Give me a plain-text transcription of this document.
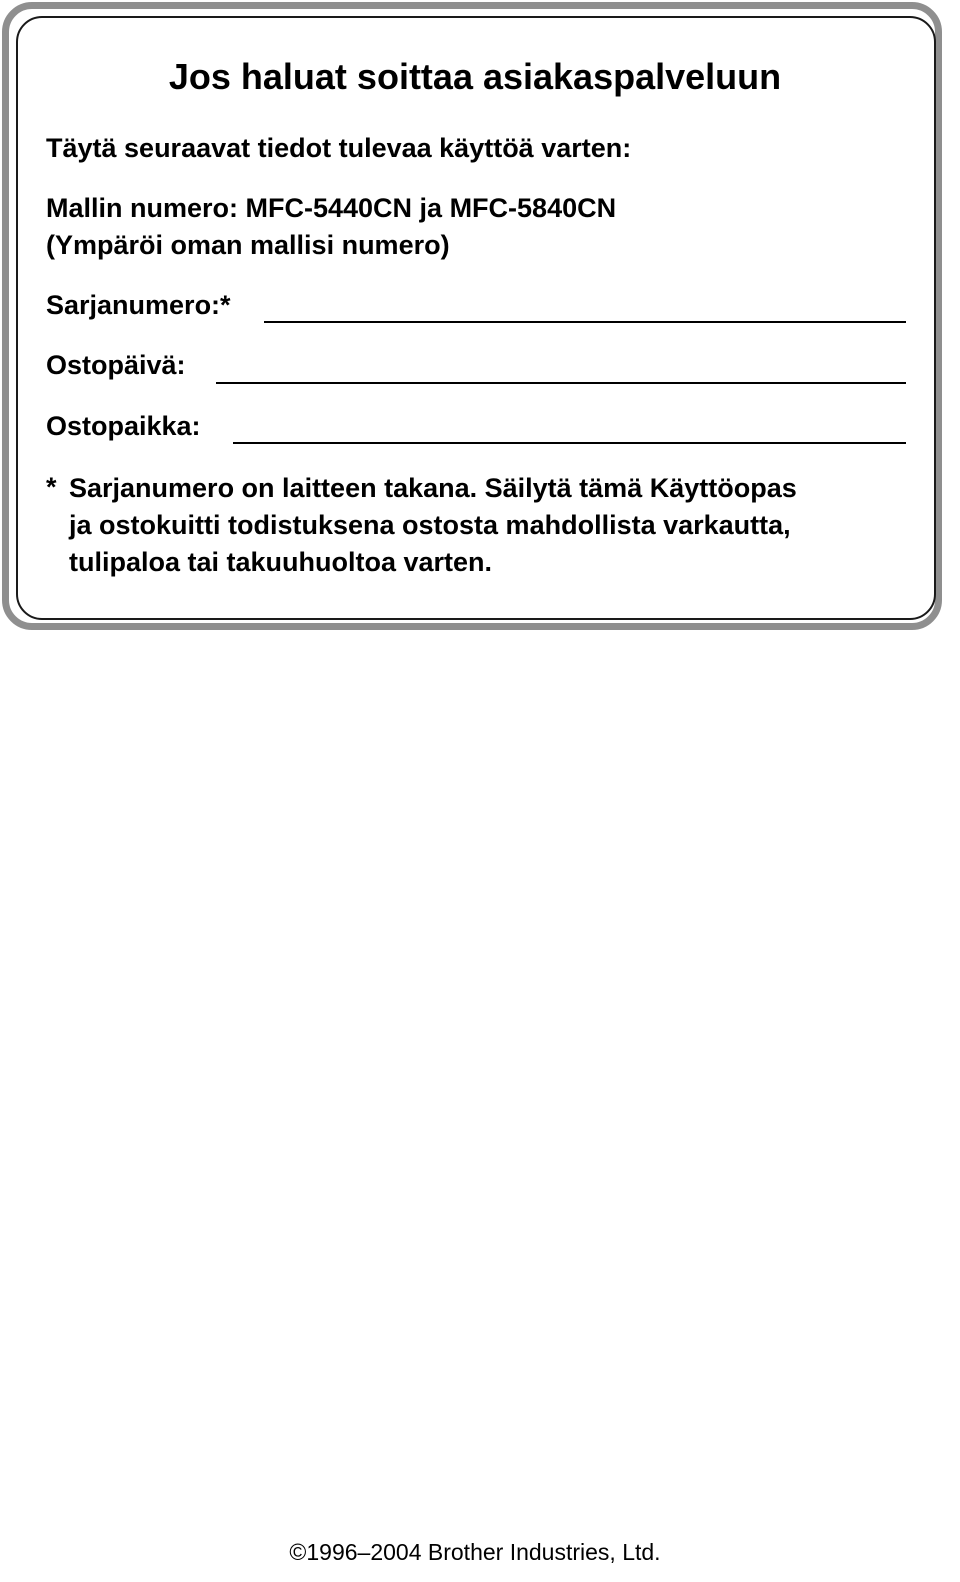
Jos haluat soittaa asiakaspalveluun
Täytä seuraavat tiedot tulevaa käyttöä varten:
Mallin numero: MFC-5440CN ja MFC-5840CN
(Ympäröi oman mallisi numero)
Sarjanumero:*
Ostopäivä:
Ostopaikka:
* Sarjanumero on laitteen takana. Säilytä tämä Käyttöopas
ja ostokuitti todistuksena ostosta mahdollista varkautta,
tulipaloa tai takuuhuoltoa varten.
©1996–2004 Brother Industries, Ltd.
